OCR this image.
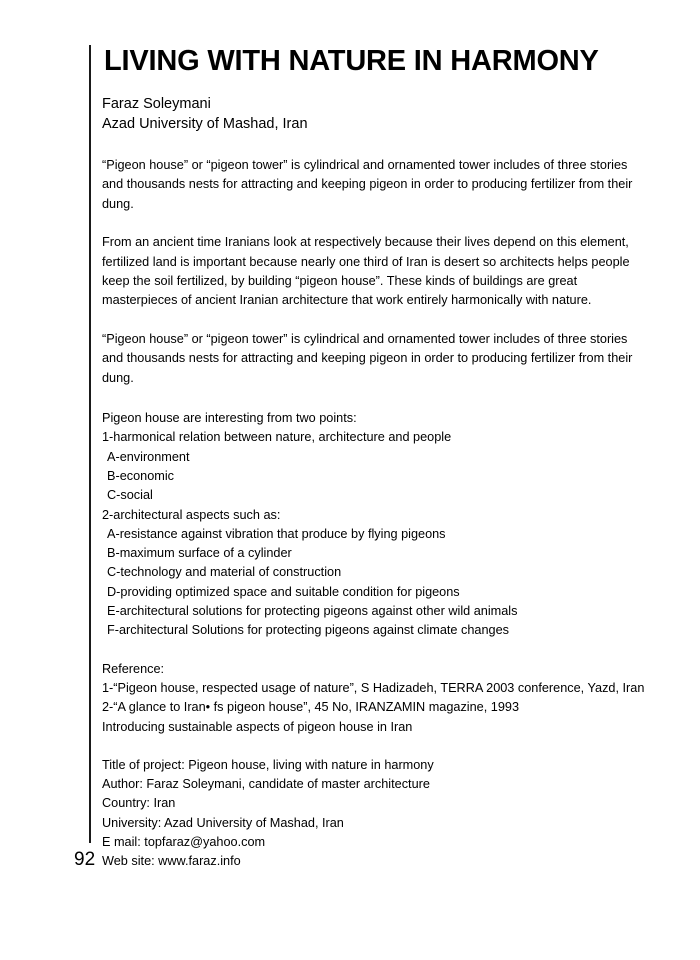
LIVING WITH NATURE IN HARMONY
Faraz Soleymani
Azad University of Mashad, Iran

“Pigeon house” or “pigeon tower” is cylindrical and ornamented tower includes of three stories and thousands nests for attracting and keeping pigeon in order to producing fertilizer from their dung.

From an ancient time Iranians look at respectively because their lives depend on this element, fertilized land is important because nearly one third of Iran is desert so architects helps people keep the soil fertilized, by building “pigeon house”. These kinds of buildings are great masterpieces of ancient Iranian architecture that work entirely harmonically with nature.

“Pigeon house” or “pigeon tower” is cylindrical and ornamented tower includes of three stories and thousands nests for attracting and keeping pigeon in order to producing fertilizer from their dung.

Pigeon house are interesting from two points:
1-harmonical relation between nature, architecture and people
A-environment
B-economic
C-social
2-architectural aspects such as:
A-resistance against vibration that produce by flying pigeons
B-maximum surface of a cylinder
C-technology and material of construction
D-providing optimized space and suitable condition for pigeons
E-architectural solutions for protecting pigeons against other wild animals
F-architectural Solutions for protecting pigeons against climate changes
Reference:
1-“Pigeon house, respected usage of nature”, S Hadizadeh, TERRA 2003 conference, Yazd, Iran
2-“A glance to Iran• fs pigeon house”, 45 No, IRANZAMIN magazine, 1993
Introducing sustainable aspects of pigeon house in Iran
Title of project: Pigeon house, living with nature in harmony
Author: Faraz Soleymani, candidate of master architecture
Country: Iran
University: Azad University of Mashad, Iran
E mail: topfaraz@yahoo.com
Web site: www.faraz.info
92
